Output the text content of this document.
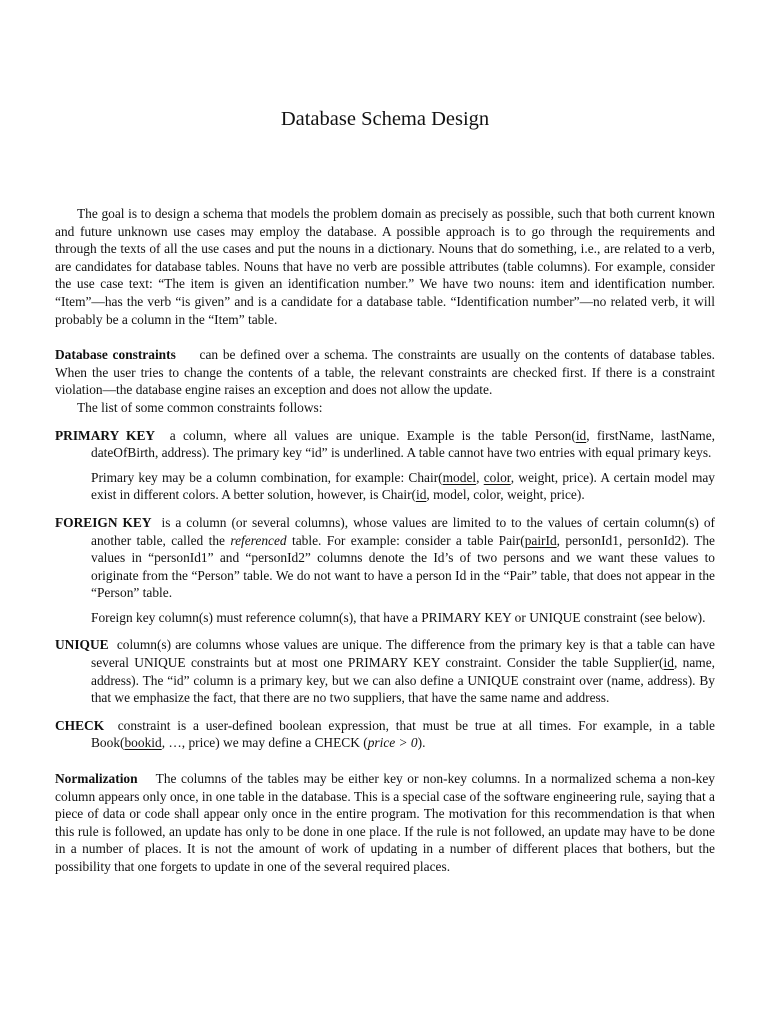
Database Schema Design

The goal is to design a schema that models the problem domain as precisely as possible, such that both current known and future unknown use cases may employ the database. A possible approach is to go through the requirements and through the texts of all the use cases and put the nouns in a dictionary. Nouns that do something, i.e., are related to a verb, are candidates for database tables. Nouns that have no verb are possible attributes (table columns). For example, consider the use case text: “The item is given an identification number.” We have two nouns: item and identification number. “Item”—has the verb “is given” and is a candidate for a database table. “Identification number”—no related verb, it will probably be a column in the “Item” table.

Database constraints can be defined over a schema. The constraints are usually on the contents of database tables. When the user tries to change the contents of a table, the relevant constraints are checked first. If there is a constraint violation—the database engine raises an exception and does not allow the update.

The list of some common constraints follows:

PRIMARY KEY a column, where all values are unique. Example is the table Person(id, firstName, lastName, dateOfBirth, address). The primary key “id” is underlined. A table cannot have two entries with equal primary keys.

Primary key may be a column combination, for example: Chair(model, color, weight, price). A certain model may exist in different colors. A better solution, however, is Chair(id, model, color, weight, price).

FOREIGN KEY is a column (or several columns), whose values are limited to to the values of certain column(s) of another table, called the referenced table. For example: consider a table Pair(pairId, personId1, personId2). The values in “personId1” and “personId2” columns denote the Id’s of two persons and we want these values to originate from the “Person” table. We do not want to have a person Id in the “Pair” table, that does not appear in the “Person” table.

Foreign key column(s) must reference column(s), that have a PRIMARY KEY or UNIQUE constraint (see below).

UNIQUE column(s) are columns whose values are unique. The difference from the primary key is that a table can have several UNIQUE constraints but at most one PRIMARY KEY constraint. Consider the table Supplier(id, name, address). The “id” column is a primary key, but we can also define a UNIQUE constraint over (name, address). By that we emphasize the fact, that there are no two suppliers, that have the same name and address.

CHECK constraint is a user-defined boolean expression, that must be true at all times. For example, in a table Book(bookid, …, price) we may define a CHECK (price > 0).

Normalization The columns of the tables may be either key or non-key columns. In a normalized schema a non-key column appears only once, in one table in the database. This is a special case of the software engineering rule, saying that a piece of data or code shall appear only once in the entire program. The motivation for this recommendation is that when this rule is followed, an update has only to be done in one place. If the rule is not followed, an update may have to be done in a number of places. It is not the amount of work of updating in a number of different places that bothers, but the possibility that one forgets to update in one of the several required places.
